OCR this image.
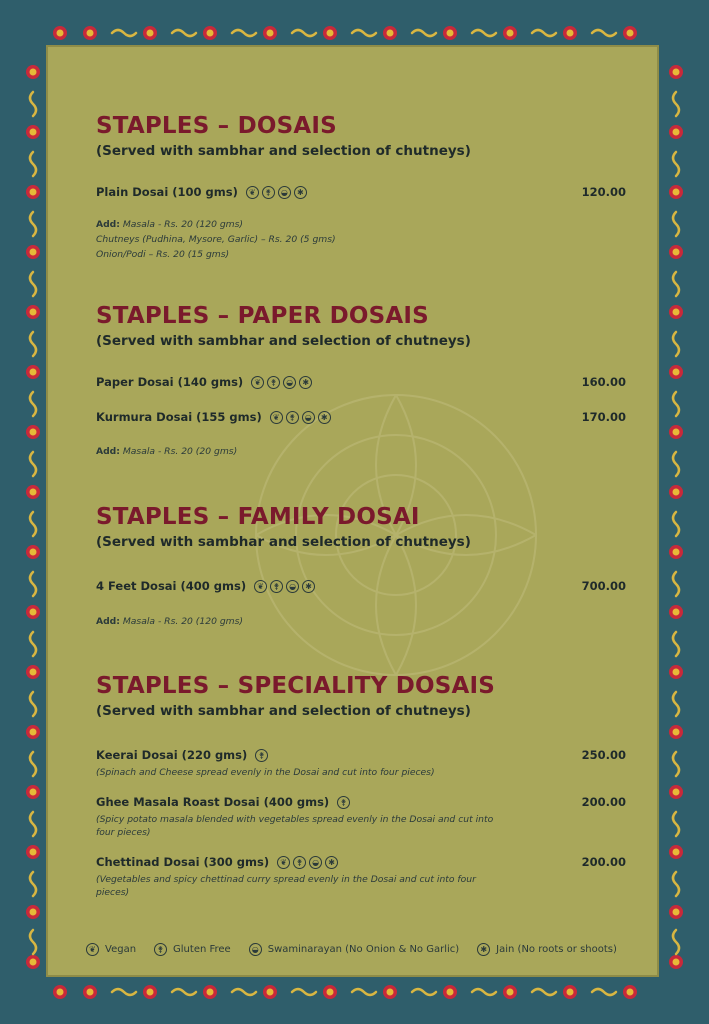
STAPLES – DOSAIS
(Served with sambhar and selection of chutneys)
Plain Dosai (100 gms)	❦	⚵	◒	✱	120.00
Add: Masala - Rs. 20 (120 gms)
Chutneys (Pudhina, Mysore, Garlic) – Rs. 20 (5 gms)
Onion/Podi – Rs. 20 (15 gms)
STAPLES – PAPER DOSAIS
(Served with sambhar and selection of chutneys)
Paper Dosai (140 gms)	❦	⚵	◒	✱	160.00
Kurmura Dosai (155 gms)	❦	⚵	◒	✱	170.00
Add: Masala - Rs. 20 (20 gms)
STAPLES – FAMILY DOSAI
(Served with sambhar and selection of chutneys)
4 Feet Dosai (400 gms)	❦	⚵	◒	✱	700.00
Add: Masala - Rs. 20 (120 gms)
STAPLES – SPECIALITY DOSAIS
(Served with sambhar and selection of chutneys)
Keerai Dosai (220 gms)	⚵	250.00
(Spinach and Cheese spread evenly in the Dosai and cut into four pieces)
Ghee Masala Roast Dosai (400 gms)	⚵	200.00
(Spicy potato masala blended with vegetables spread evenly in the Dosai and cut into four pieces)
Chettinad Dosai (300 gms)	❦	⚵	◒	✱	200.00
(Vegetables and spicy chettinad curry spread evenly in the Dosai and cut into four pieces)
❦ Vegan	⚵ Gluten Free	◒ Swaminarayan (No Onion & No Garlic)	✱ Jain (No roots or shoots)
